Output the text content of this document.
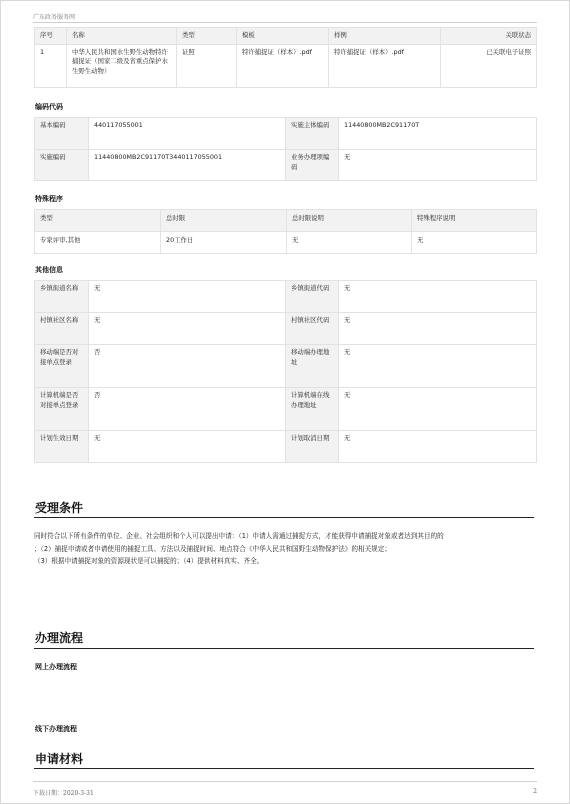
广东政务服务网
序号	名称	类型	模板	样例	关联状态
1	中华人民共和国水生野生动物特许捕捉证（国家二级及省重点保护水生野生动物）	证照	特许捕捉证（样本）.pdf	特许捕捉证（样本）.pdf	已关联电子证照
编码代码
基本编码	440117055001	实施主体编码	11440800MB2C91170T
实施编码	11440800MB2C91170T3440117055001	业务办理项编码	无
特殊程序
类型	总时限	总时限说明	特殊程序说明
专家评审,其他	20工作日	无	无
其他信息
乡镇街道名称	无	乡镇街道代码	无
村镇社区名称	无	村镇社区代码	无
移动端是否对接单点登录	否	移动端办理地址	无
计算机端是否对接单点登录	否	计算机端在线办理地址	无
计划生效日期	无	计划取消日期	无
受理条件
同时符合以下所有条件的单位、企业、社会组织和个人可以提出申请：（1）申请人需通过捕捉方式，才能获得申请捕捉对象或者达到其目的的
；（2）捕捉申请或者申请使用的捕捉工具、方法以及捕捉时间、地点符合《中华人民共和国野生动物保护法》的相关规定；
（3）根据申请捕捉对象的资源现状是可以捕捉的；（4）提供材料真实、齐全。
办理流程
网上办理流程
线下办理流程
申请材料
下载日期：2020-3-31	2
